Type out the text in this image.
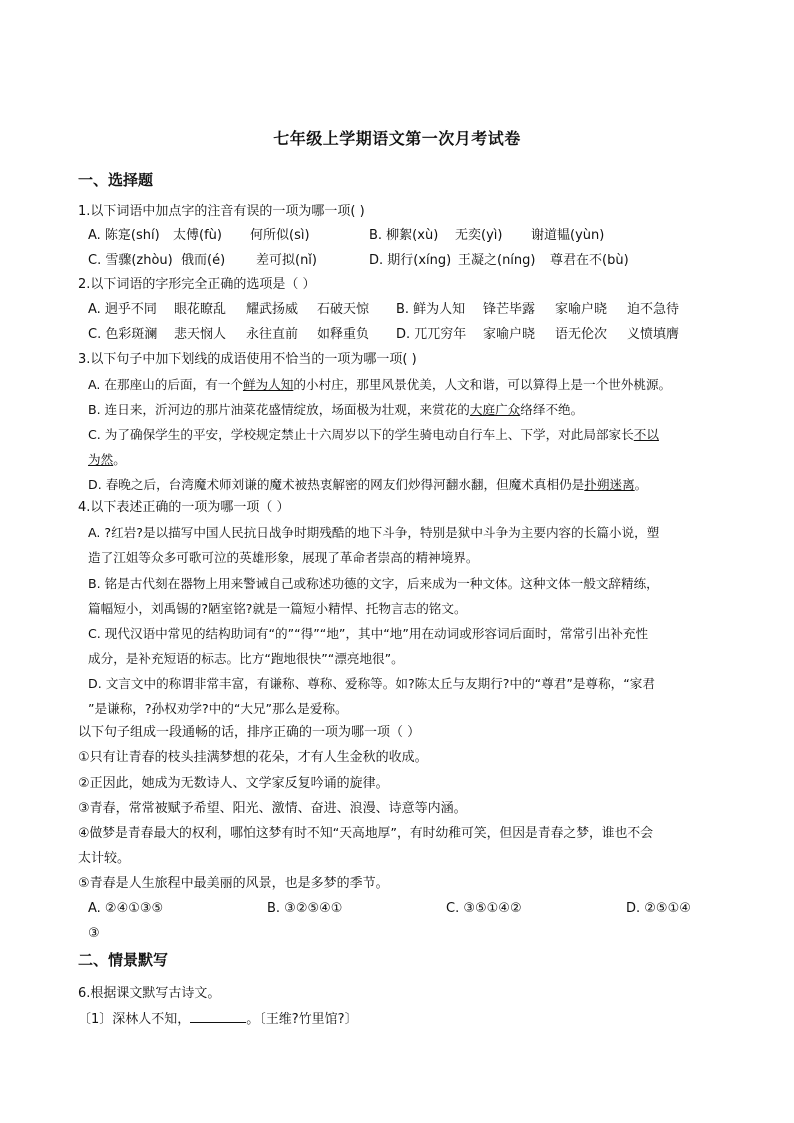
七年级上学期语文第一次月考试卷
一、选择题
1.以下词语中加点字的注音有误的一项为哪一项( )
A. 陈寔(shí) 太傅(fù) 何所似(sì)	B. 柳絮(xù) 无奕(yì) 谢道韫(yùn)
C. 雪骤(zhòu) 俄而(é) 差可拟(nǐ)	D. 期行(xíng) 王凝之(níng) 尊君在不(bù)
2.以下词语的字形完全正确的选项是（ ）
A. 迥乎不同 眼花瞭乱 耀武扬威 石破天惊 B. 鲜为人知 锋芒毕露 家喻户晓 迫不急待
C. 色彩斑澜 悲天悯人 永往直前 如释重负 D. 兀兀穷年 家喻户晓 语无伦次 义愤填膺
3.以下句子中加下划线的成语使用不恰当的一项为哪一项( )
A. 在那座山的后面，有一个鲜为人知的小村庄，那里风景优美，人文和谐，可以算得上是一个世外桃源。
B. 连日来，沂河边的那片油菜花盛情绽放，场面极为壮观，来赏花的大庭广众络绎不绝。
C. 为了确保学生的平安，学校规定禁止十六周岁以下的学生骑电动自行车上、下学，对此局部家长不以
为然。
D. 春晚之后，台湾魔术师刘谦的魔术被热衷解密的网友们炒得河翻水翻，但魔术真相仍是扑朔迷离。
4.以下表述正确的一项为哪一项（ ）
A. ?红岩?是以描写中国人民抗日战争时期残酷的地下斗争，特别是狱中斗争为主要内容的长篇小说，塑
造了江姐等众多可歌可泣的英雄形象，展现了革命者崇高的精神境界。
B. 铭是古代刻在器物上用来警诫自己或称述功德的文字，后来成为一种文体。这种文体一般文辞精练，
篇幅短小，刘禹锡的?陋室铭?就是一篇短小精悍、托物言志的铭文。
C. 现代汉语中常见的结构助词有“的”“得”“地”，其中“地”用在动词或形容词后面时，常常引出补充性
成分，是补充短语的标志。比方“跑地很快”“漂亮地很”。
D. 文言文中的称谓非常丰富，有谦称、尊称、爱称等。如?陈太丘与友期行?中的“尊君”是尊称，“家君
”是谦称，?孙权劝学?中的“大兄”那么是爱称。
以下句子组成一段通畅的话，排序正确的一项为哪一项（ ）
①只有让青春的枝头挂满梦想的花朵，才有人生金秋的收成。
②正因此，她成为无数诗人、文学家反复吟诵的旋律。
③青春，常常被赋予希望、阳光、激情、奋进、浪漫、诗意等内涵。
④做梦是青春最大的权利，哪怕这梦有时不知“天高地厚”，有时幼稚可笑，但因是青春之梦，谁也不会
太计较。
⑤青春是人生旅程中最美丽的风景，也是多梦的季节。
A. ②④①③⑤	B. ③②⑤④①	C. ③⑤①④②	D. ②⑤①④
③
二、情景默写
6.根据课文默写古诗文。
〔1〕深林人不知，	。〔王维?竹里馆?〕
